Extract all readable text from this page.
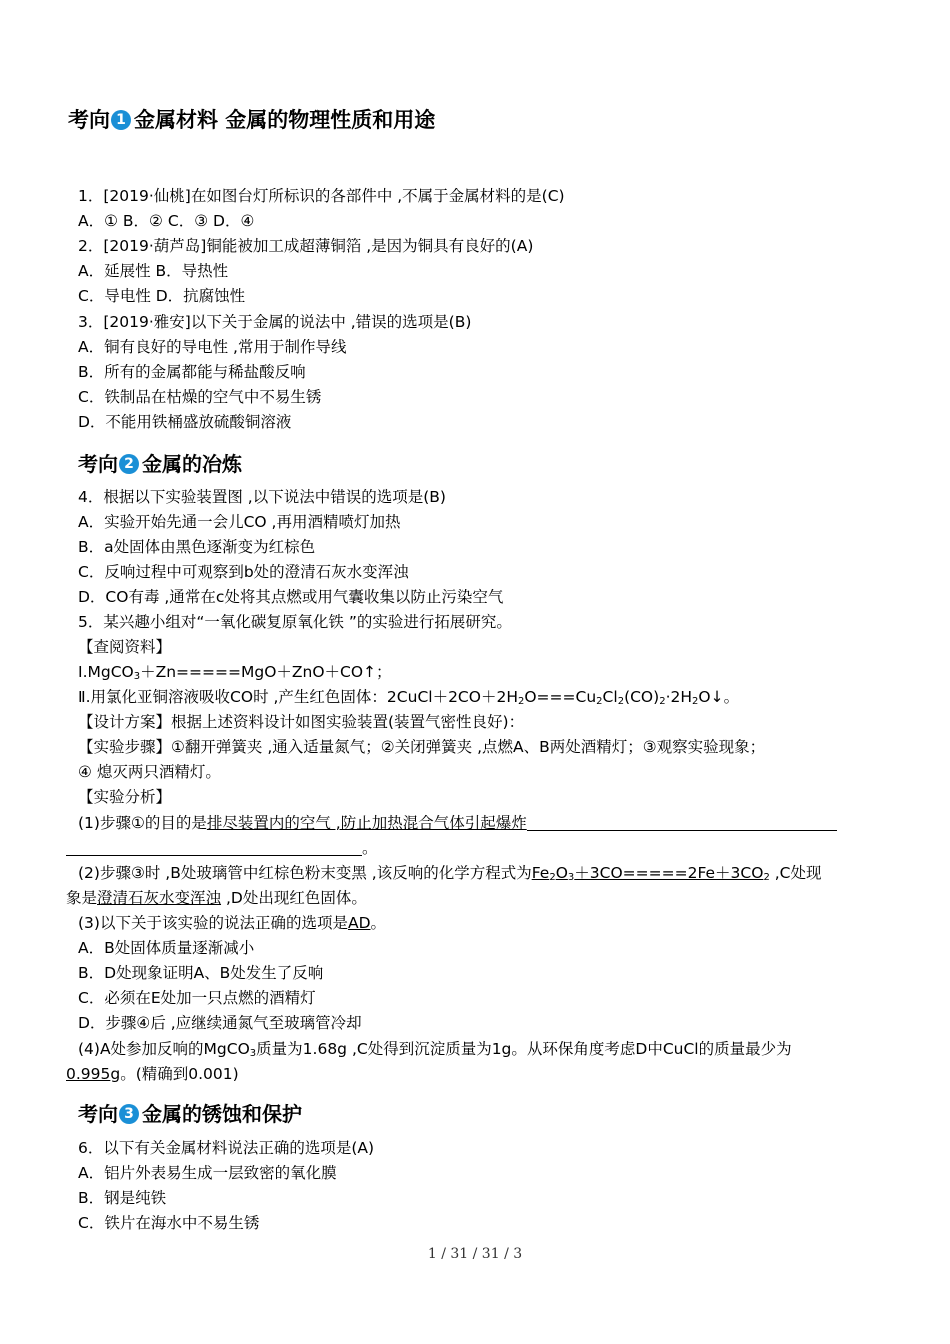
考向 1 金属材料 金属的物理性质和用途
1．[2019·仙桃]在如图台灯所标识的各部件中 ,不属于金属材料的是(C)
A．① B．② C．③ D．④
2．[2019·葫芦岛]铜能被加工成超薄铜箔 ,是因为铜具有良好的(A)
A．延展性 B．导热性
C．导电性 D．抗腐蚀性
3．[2019·雅安]以下关于金属的说法中 ,错误的选项是(B)
A．铜有良好的导电性 ,常用于制作导线
B．所有的金属都能与稀盐酸反响
C．铁制品在枯燥的空气中不易生锈
D．不能用铁桶盛放硫酸铜溶液
考向 2 金属的冶炼
4．根据以下实验装置图 ,以下说法中错误的选项是(B)
A．实验开始先通一会儿CO ,再用酒精喷灯加热
B．a处固体由黑色逐渐变为红棕色
C．反响过程中可观察到b处的澄清石灰水变浑浊
D．CO有毒 ,通常在c处将其点燃或用气囊收集以防止污染空气
5．某兴趣小组对“一氧化碳复原氧化铁 ”的实验进行拓展研究。
【查阅资料】
Ⅰ.MgCO$_3$＋Zn=====MgO＋ZnO＋CO↑；
Ⅱ.用氯化亚铜溶液吸收CO时 ,产生红色固体：$2CuCl+2CO+2H_2O===Cu_2Cl_2(CO)_2\cdot 2H_2O↓$。
【设计方案】根据上述资料设计如图实验装置(装置气密性良好)：
【实验步骤】①翻开弹簧夹 ,通入适量氮气；②关闭弹簧夹 ,点燃A、B两处酒精灯；③观察实验现象；
④ 熄灭两只酒精灯。
【实验分析】
(1)步骤①的目的是排尽装置内的空气 ,防止加热混合气体引起爆炸
。
(2)步骤③时 ,B处玻璃管中红棕色粉末变黑 ,该反响的化学方程式为$Fe_2O_3+3CO=====2Fe+3CO_2$ ,C处现
象是澄清石灰水变浑浊 ,D处出现红色固体。
(3)以下关于该实验的说法正确的选项是AD。
A．B处固体质量逐渐减小
B．D处现象证明A、B处发生了反响
C．必须在E处加一只点燃的酒精灯
D．步骤④后 ,应继续通氮气至玻璃管冷却
(4)A处参加反响的MgCO$_3$质量为1.68g ,C处得到沉淀质量为1g。从环保角度考虑D中CuCl的质量最少为
0.995g。(精确到0.001)
考向 3 金属的锈蚀和保护
6．以下有关金属材料说法正确的选项是(A)
A．铝片外表易生成一层致密的氧化膜
B．钢是纯铁
C．铁片在海水中不易生锈
1 / 31 / 31 / 3
